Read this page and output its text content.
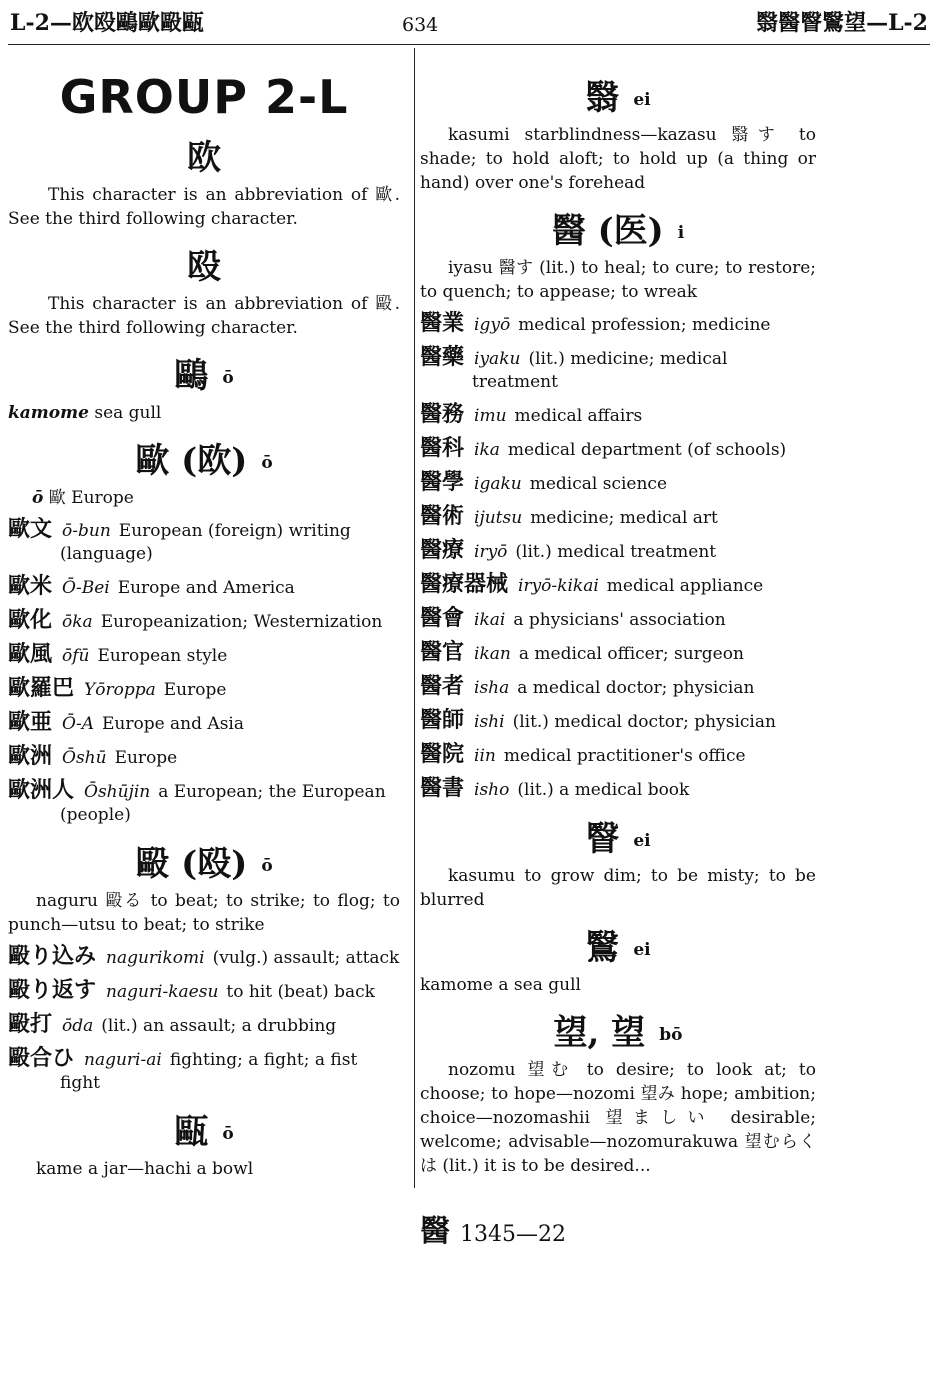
L-2—欧殴鷗歐毆甌	634	翳醫瞖鷖望—L-2
GROUP 2-L
欧
This character is an abbreviation of 歐. See the third following character.
殴
This character is an abbreviation of 毆. See the third following character.
鷗ō
kamome sea gull
歐 (欧) ō
ō 歐 Europe
歐文 ō-bun European (foreign) writing (language)
歐米 Ō-Bei Europe and America
歐化 ōka Europeanization; Westernization
歐風 ōfū European style
歐羅巴 Yōroppa Europe
歐亜 Ō-A Europe and Asia
歐洲 Ōshū Europe
歐洲人 Ōshūjin a European; the European (people)
毆 (殴) ō
naguru 毆る to beat; to strike; to flog; to punch—utsu to beat; to strike
毆り込み nagurikomi (vulg.) assault; attack
毆り返す naguri-kaesu to hit (beat) back
毆打 ōda (lit.) an assault; a drubbing
毆合ひ naguri-ai fighting; a fight; a fist fight
甌ō
kame a jar—hachi a bowl
翳ei
kasumi starblindness—kazasu 翳す to shade; to hold aloft; to hold up (a thing or hand) over one's forehead
醫 (医) i
iyasu 醫す (lit.) to heal; to cure; to restore; to quench; to appease; to wreak
醫業 igyō medical profession; medicine
醫藥 iyaku (lit.) medicine; medical treatment
醫務 imu medical affairs
醫科 ika medical department (of schools)
醫學 igaku medical science
醫術 ijutsu medicine; medical art
醫療 iryō (lit.) medical treatment
醫療器械 iryō-kikai medical appliance
醫會 ikai a physicians' association
醫官 ikan a medical officer; surgeon
醫者 isha a medical doctor; physician
醫師 ishi (lit.) medical doctor; physician
醫院 iin medical practitioner's office
醫書 isho (lit.) a medical book
瞖ei
kasumu to grow dim; to be misty; to be blurred
鷖ei
kamome a sea gull
望, 望 bō
nozomu 望む to desire; to look at; to choose; to hope—nozomi 望み hope; ambition; choice—nozomashii 望ましい desirable; welcome; advisable—nozomurakuwa 望むらくは (lit.) it is to be desired...
醫 1345—22
